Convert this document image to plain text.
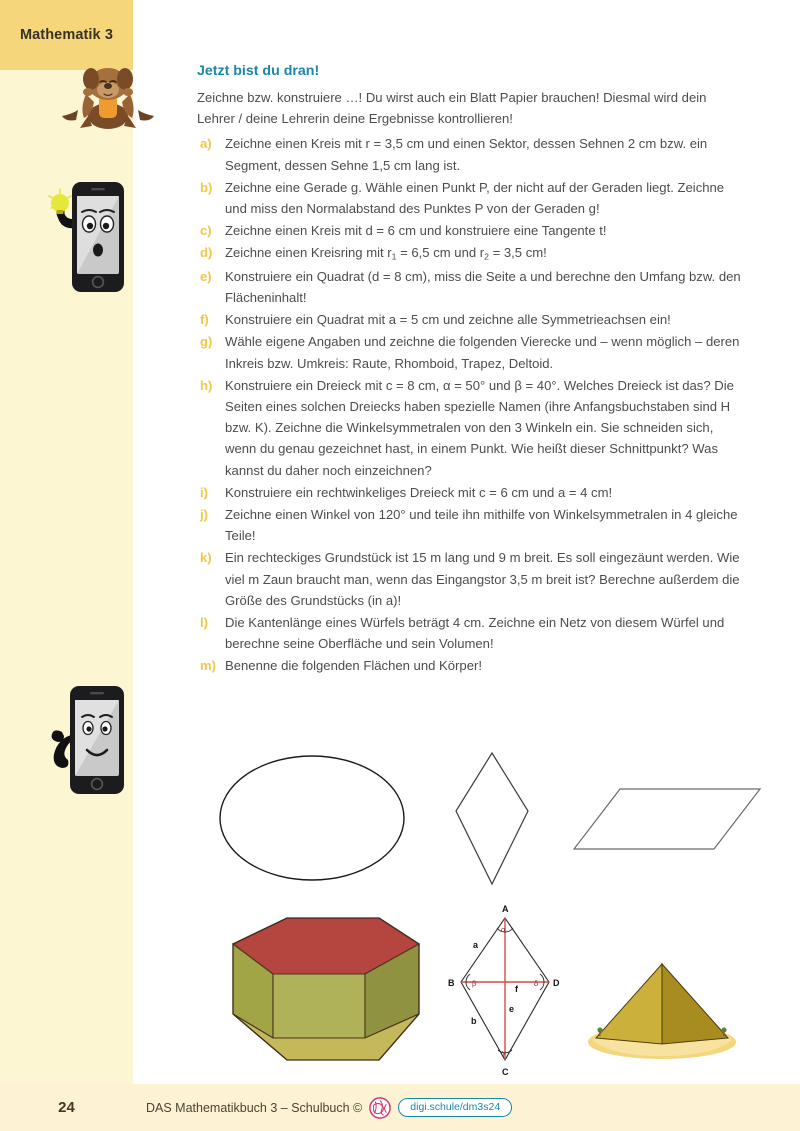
Mathematik 3
Jetzt bist du dran!
Zeichne bzw. konstruiere …! Du wirst auch ein Blatt Papier brauchen! Diesmal wird dein Lehrer / deine Lehrerin deine Ergebnisse kontrollieren!
a)	Zeichne einen Kreis mit r = 3,5 cm und einen Sektor, dessen Sehnen 2 cm bzw. ein Segment, dessen Sehne 1,5 cm lang ist.
b) Zeichne eine Gerade g. Wähle einen Punkt P, der nicht auf der Geraden liegt. Zeichne und miss den Normalabstand des Punktes P von der Geraden g!
c)	Zeichne einen Kreis mit d = 6 cm und konstruiere eine Tangente t!
d) Zeichne einen Kreisring mit $r_1 = 6,5$ cm und $r_2 = 3,5$ cm!
e)	Konstruiere ein Quadrat (d = 8 cm), miss die Seite a und berechne den Umfang bzw. den Flächeninhalt!
f)	Konstruiere ein Quadrat mit a = 5 cm und zeichne alle Symmetrieachsen ein!
g) Wähle eigene Angaben und zeichne die folgenden Vierecke und – wenn möglich – deren Inkreis bzw. Umkreis: Raute, Rhomboid, Trapez, Deltoid.
h) Konstruiere ein Dreieck mit c = 8 cm, α = 50° und β = 40°. Welches Dreieck ist das? Die Seiten eines solchen Dreiecks haben spezielle Namen (ihre Anfangsbuchstaben sind H bzw. K). Zeichne die Winkelsymmetralen von den 3 Winkeln ein. Sie schneiden sich, wenn du genau gezeichnet hast, in einem Punkt. Wie heißt dieser Schnittpunkt? Was kannst du daher noch einzeichnen?
i)	Konstruiere ein rechtwinkeliges Dreieck mit c = 6 cm und a = 4 cm!
j)	Zeichne einen Winkel von 120° und teile ihn mithilfe von Winkelsymmetralen in 4 gleiche Teile!
k)	Ein rechteckiges Grundstück ist 15 m lang und 9 m breit. Es soll eingezäunt werden. Wie viel m Zaun braucht man, wenn das Eingangstor 3,5 m breit ist? Berechne außerdem die Größe des Grundstücks (in a)!
l)	Die Kantenlänge eines Würfels beträgt 4 cm. Zeichne ein Netz von diesem Würfel und berechne seine Oberfläche und sein Volumen!
m) Benenne die folgenden Flächen und Körper!
A
B
C
D
a
b
e
f
α
β	δ
γ
24	DAS Mathematikbuch 3 – Schulbuch ©	digi.schule/dm3s24
